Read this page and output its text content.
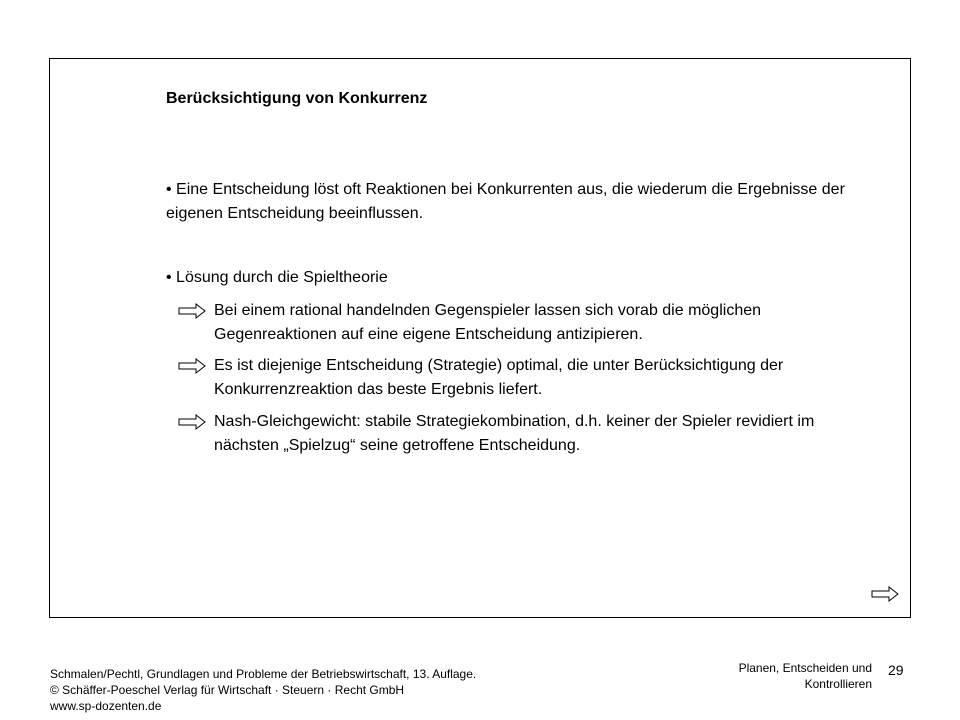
Berücksichtigung von Konkurrenz
• Eine Entscheidung löst oft Reaktionen bei Konkurrenten aus, die wiederum die Ergebnisse der eigenen Entscheidung beeinflussen.
• Lösung durch die Spieltheorie
Bei einem rational handelnden Gegenspieler lassen sich vorab die möglichen Gegenreaktionen auf eine eigene Entscheidung antizipieren.
Es ist diejenige Entscheidung (Strategie) optimal, die unter Berücksichtigung der Konkurrenzreaktion das beste Ergebnis liefert.
Nash-Gleichgewicht: stabile Strategiekombination, d.h. keiner der Spieler revidiert im nächsten „Spielzug“ seine getroffene Entscheidung.
Schmalen/Pechtl, Grundlagen und Probleme der Betriebswirtschaft, 13. Auflage.
© Schäffer-Poeschel Verlag für Wirtschaft · Steuern · Recht GmbH
www.sp-dozenten.de
Planen, Entscheiden und
Kontrollieren
29
